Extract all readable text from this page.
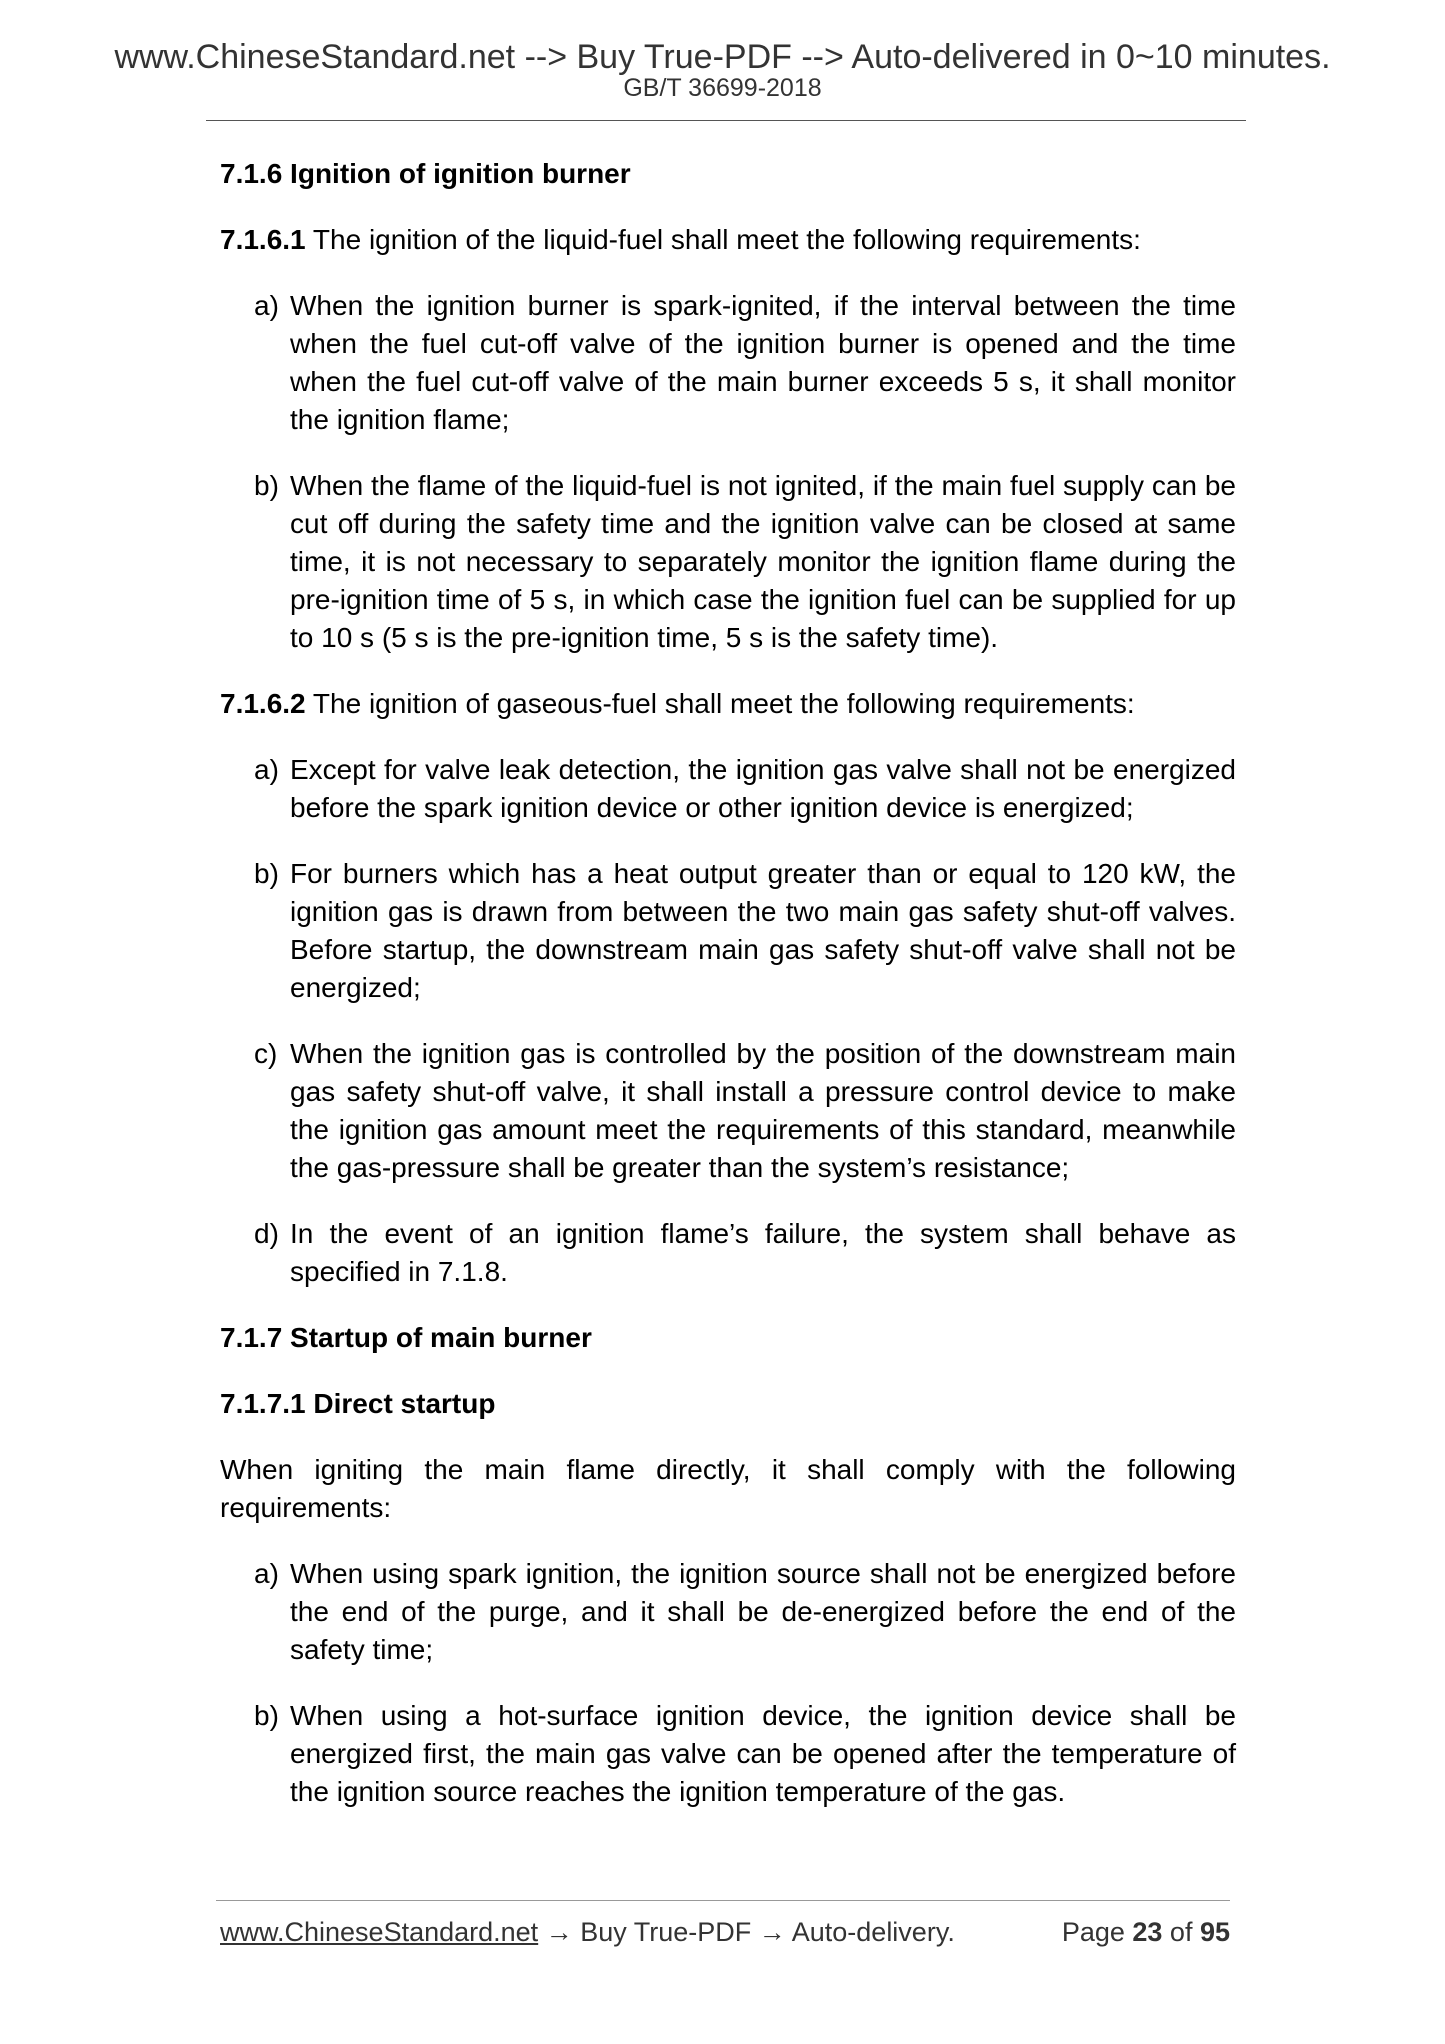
www.ChineseStandard.net --> Buy True-PDF --> Auto-delivered in 0~10 minutes.
GB/T 36699-2018
7.1.6 Ignition of ignition burner
7.1.6.1 The ignition of the liquid-fuel shall meet the following requirements:
a) When the ignition burner is spark-ignited, if the interval between the time when the fuel cut-off valve of the ignition burner is opened and the time when the fuel cut-off valve of the main burner exceeds 5 s, it shall monitor the ignition flame;
b) When the flame of the liquid-fuel is not ignited, if the main fuel supply can be cut off during the safety time and the ignition valve can be closed at same time, it is not necessary to separately monitor the ignition flame during the pre-ignition time of 5 s, in which case the ignition fuel can be supplied for up to 10 s (5 s is the pre-ignition time, 5 s is the safety time).
7.1.6.2 The ignition of gaseous-fuel shall meet the following requirements:
a) Except for valve leak detection, the ignition gas valve shall not be energized before the spark ignition device or other ignition device is energized;
b) For burners which has a heat output greater than or equal to 120 kW, the ignition gas is drawn from between the two main gas safety shut-off valves. Before startup, the downstream main gas safety shut-off valve shall not be energized;
c) When the ignition gas is controlled by the position of the downstream main gas safety shut-off valve, it shall install a pressure control device to make the ignition gas amount meet the requirements of this standard, meanwhile the gas-pressure shall be greater than the system’s resistance;
d) In the event of an ignition flame’s failure, the system shall behave as specified in 7.1.8.
7.1.7 Startup of main burner
7.1.7.1 Direct startup
When igniting the main flame directly, it shall comply with the following requirements:
a) When using spark ignition, the ignition source shall not be energized before the end of the purge, and it shall be de-energized before the end of the safety time;
b) When using a hot-surface ignition device, the ignition device shall be energized first, the main gas valve can be opened after the temperature of the ignition source reaches the ignition temperature of the gas.
www.ChineseStandard.net → Buy True-PDF → Auto-delivery.	Page 23 of 95
